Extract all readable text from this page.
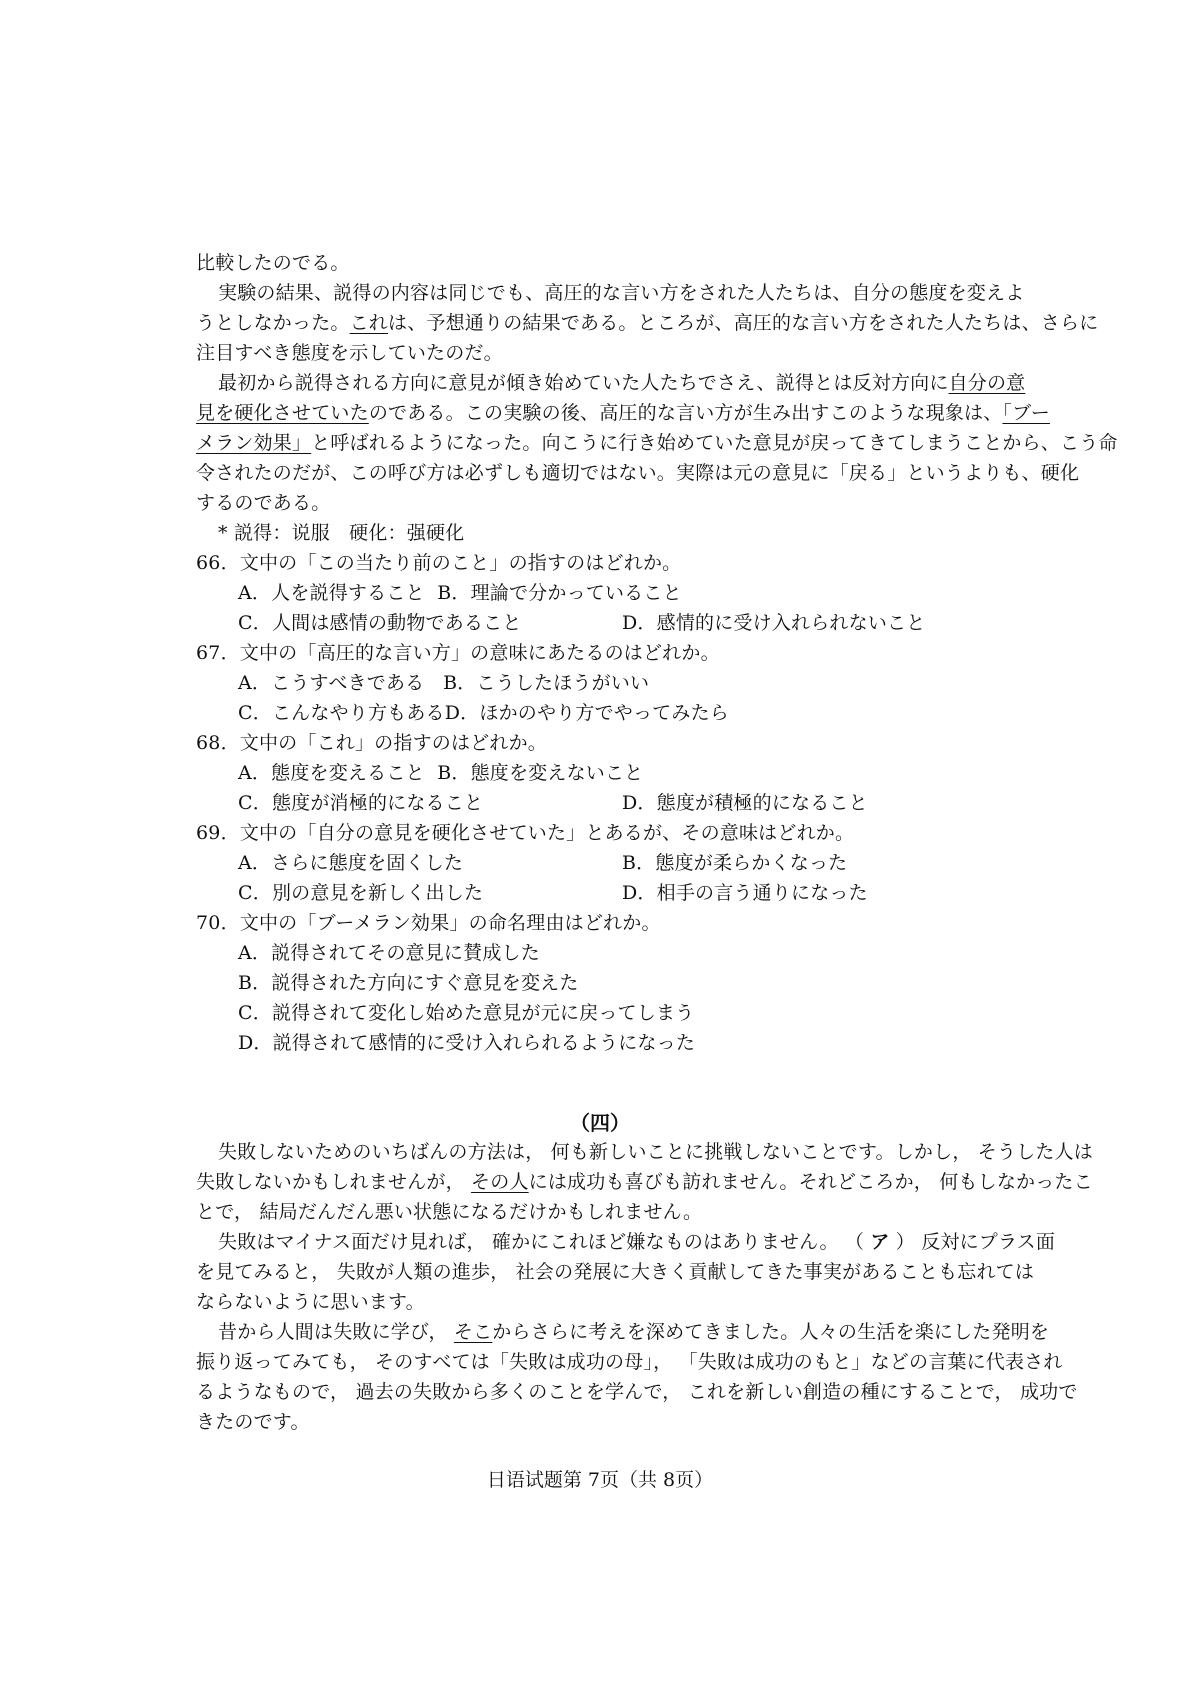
比較したのでる。
実験の結果、説得の内容は同じでも、高圧的な言い方をされた人たちは、自分の態度を変えよ
うとしなかった。これは、予想通りの結果である。ところが、高圧的な言い方をされた人たちは、さらに
注目すべき態度を示していたのだ。
最初から説得される方向に意見が傾き始めていた人たちでさえ、説得とは反対方向に自分の意
見を硬化させていたのである。この実験の後、高圧的な言い方が生み出すこのような現象は、「ブー
メラン効果」と呼ばれるようになった。向こうに行き始めていた意見が戻ってきてしまうことから、こう命
令されたのだが、この呼び方は必ずしも適切ではない。実際は元の意見に「戻る」というよりも、硬化
するのである。
* 説得：说服　硬化：强硬化
66．文中の「この当たり前のこと」の指すのはどれか。
A．人を説得すること B．理論で分かっていること
C．人間は感情の動物であること	D．感情的に受け入れられないこと
67．文中の「高圧的な言い方」の意味にあたるのはどれか。
A．こうすべきである B．こうしたほうがいい
C．こんなやり方もあるD．ほかのやり方でやってみたら
68．文中の「これ」の指すのはどれか。
A．態度を変えること B．態度を変えないこと
C．態度が消極的になること	D．態度が積極的になること
69．文中の「自分の意見を硬化させていた」とあるが、その意味はどれか。
A．さらに態度を固くした	B．態度が柔らかくなった
C．別の意見を新しく出した	D．相手の言う通りになった
70．文中の「ブーメラン効果」の命名理由はどれか。
A．説得されてその意見に賛成した
B．説得された方向にすぐ意見を変えた
C．説得されて変化し始めた意見が元に戻ってしまう
D．説得されて感情的に受け入れられるようになった
（四）
失敗しないためのいちばんの方法は， 何も新しいことに挑戦しないことです。しかし， そうした人は
失敗しないかもしれませんが， その人には成功も喜びも訪れません。それどころか， 何もしなかったこ
とで， 結局だんだん悪い状態になるだけかもしれません。
失敗はマイナス面だけ見れば， 確かにこれほど嫌なものはありません。 （ ア ） 反対にプラス面
を見てみると， 失敗が人類の進歩， 社会の発展に大きく貢献してきた事実があることも忘れては
ならないように思います。
昔から人間は失敗に学び， そこからさらに考えを深めてきました。人々の生活を楽にした発明を
振り返ってみても， そのすべては「失敗は成功の母」， 「失敗は成功のもと」などの言葉に代表され
るようなもので， 過去の失敗から多くのことを学んで， これを新しい創造の種にすることで， 成功で
きたのです。
日语试题第 7页（共 8页）
